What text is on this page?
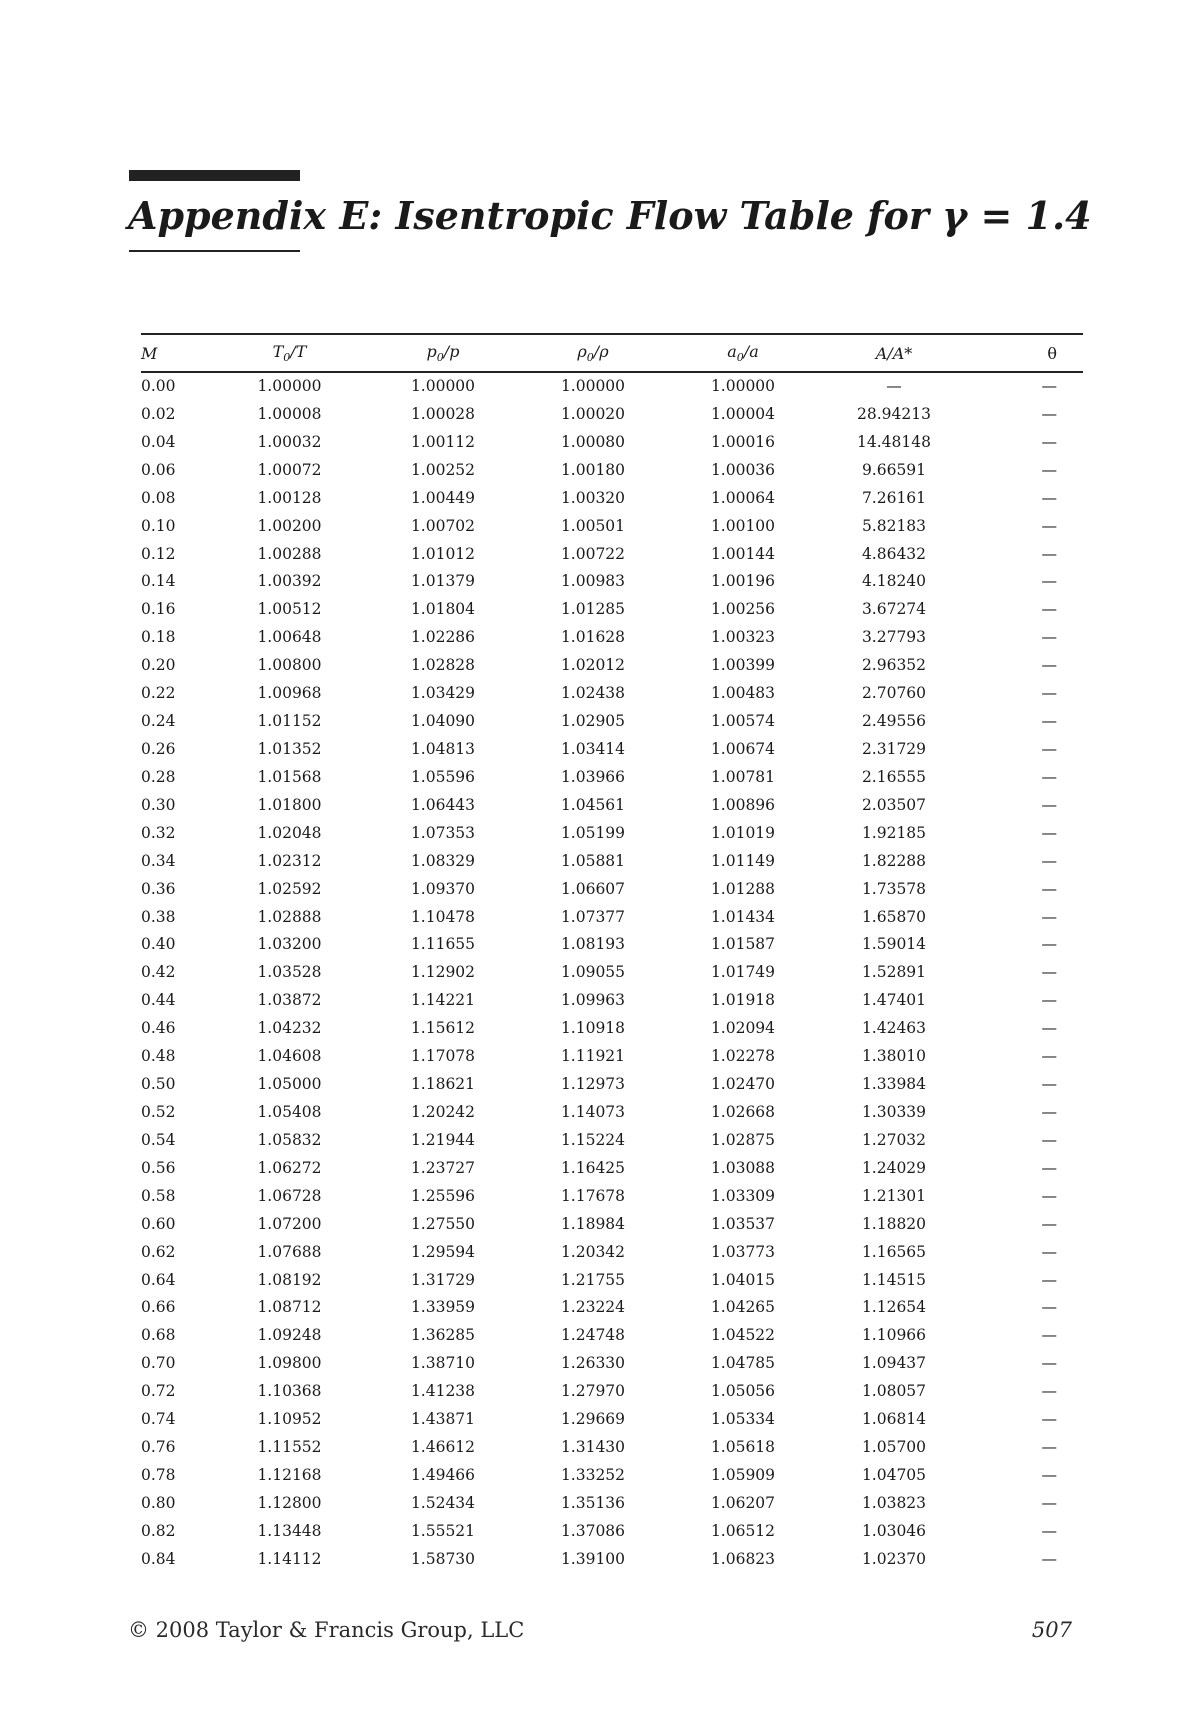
Appendix E: Isentropic Flow Table for γ = 1.4
M	$T_0/T$	$p_0/p$	$\rho_0/\rho$	$a_0/a$	A/A*	θ
0.00	1.00000	1.00000	1.00000	1.00000	—	—
0.02	1.00008	1.00028	1.00020	1.00004	28.94213	—
0.04	1.00032	1.00112	1.00080	1.00016	14.48148	—
0.06	1.00072	1.00252	1.00180	1.00036	9.66591	—
0.08	1.00128	1.00449	1.00320	1.00064	7.26161	—
0.10	1.00200	1.00702	1.00501	1.00100	5.82183	—
0.12	1.00288	1.01012	1.00722	1.00144	4.86432	—
0.14	1.00392	1.01379	1.00983	1.00196	4.18240	—
0.16	1.00512	1.01804	1.01285	1.00256	3.67274	—
0.18	1.00648	1.02286	1.01628	1.00323	3.27793	—
0.20	1.00800	1.02828	1.02012	1.00399	2.96352	—
0.22	1.00968	1.03429	1.02438	1.00483	2.70760	—
0.24	1.01152	1.04090	1.02905	1.00574	2.49556	—
0.26	1.01352	1.04813	1.03414	1.00674	2.31729	—
0.28	1.01568	1.05596	1.03966	1.00781	2.16555	—
0.30	1.01800	1.06443	1.04561	1.00896	2.03507	—
0.32	1.02048	1.07353	1.05199	1.01019	1.92185	—
0.34	1.02312	1.08329	1.05881	1.01149	1.82288	—
0.36	1.02592	1.09370	1.06607	1.01288	1.73578	—
0.38	1.02888	1.10478	1.07377	1.01434	1.65870	—
0.40	1.03200	1.11655	1.08193	1.01587	1.59014	—
0.42	1.03528	1.12902	1.09055	1.01749	1.52891	—
0.44	1.03872	1.14221	1.09963	1.01918	1.47401	—
0.46	1.04232	1.15612	1.10918	1.02094	1.42463	—
0.48	1.04608	1.17078	1.11921	1.02278	1.38010	—
0.50	1.05000	1.18621	1.12973	1.02470	1.33984	—
0.52	1.05408	1.20242	1.14073	1.02668	1.30339	—
0.54	1.05832	1.21944	1.15224	1.02875	1.27032	—
0.56	1.06272	1.23727	1.16425	1.03088	1.24029	—
0.58	1.06728	1.25596	1.17678	1.03309	1.21301	—
0.60	1.07200	1.27550	1.18984	1.03537	1.18820	—
0.62	1.07688	1.29594	1.20342	1.03773	1.16565	—
0.64	1.08192	1.31729	1.21755	1.04015	1.14515	—
0.66	1.08712	1.33959	1.23224	1.04265	1.12654	—
0.68	1.09248	1.36285	1.24748	1.04522	1.10966	—
0.70	1.09800	1.38710	1.26330	1.04785	1.09437	—
0.72	1.10368	1.41238	1.27970	1.05056	1.08057	—
0.74	1.10952	1.43871	1.29669	1.05334	1.06814	—
0.76	1.11552	1.46612	1.31430	1.05618	1.05700	—
0.78	1.12168	1.49466	1.33252	1.05909	1.04705	—
0.80	1.12800	1.52434	1.35136	1.06207	1.03823	—
0.82	1.13448	1.55521	1.37086	1.06512	1.03046	—
0.84	1.14112	1.58730	1.39100	1.06823	1.02370	—
© 2008 Taylor & Francis Group, LLC	507
